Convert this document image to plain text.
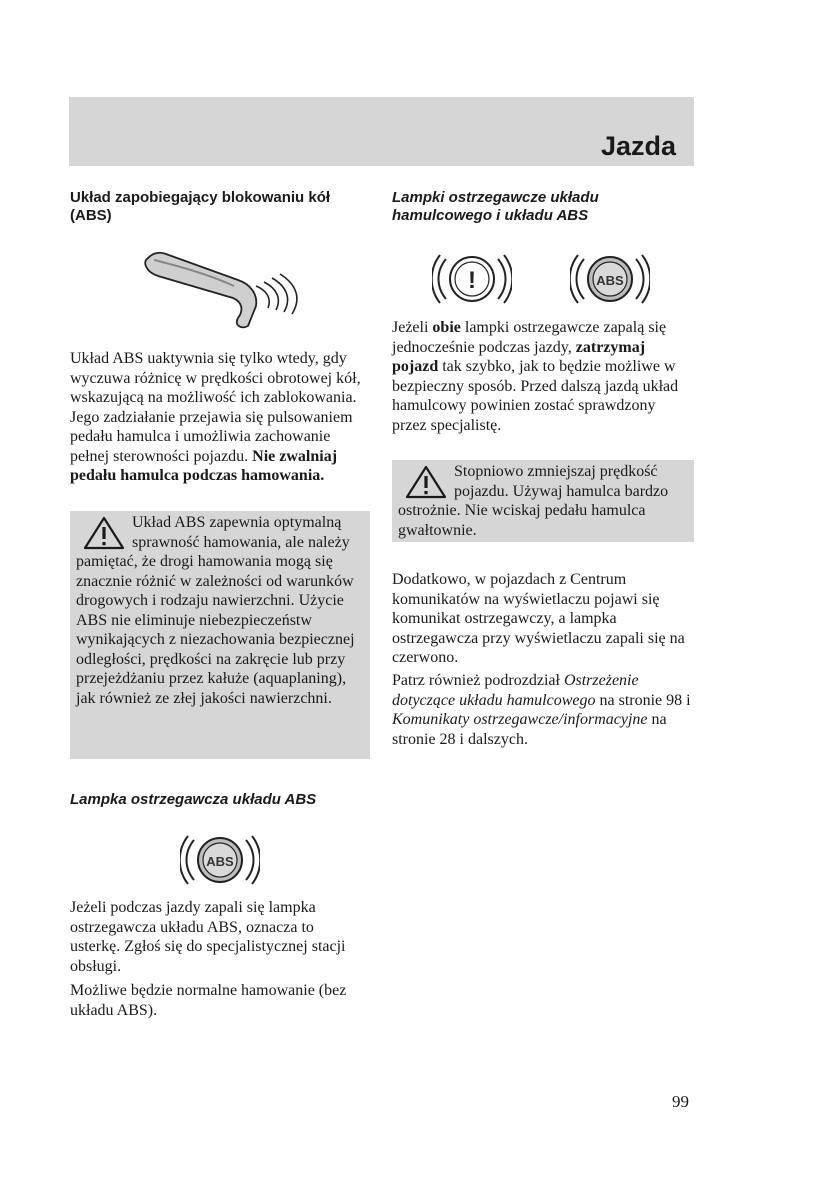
Jazda
Układ zapobiegający blokowaniu kół (ABS)

Układ ABS uaktywnia się tylko wtedy, gdy wyczuwa różnicę w prędkości obrotowej kół, wskazującą na możliwość ich zablokowania. Jego zadziałanie przejawia się pulsowaniem pedału hamulca i umożliwia zachowanie pełnej sterowności pojazdu. Nie zwalniaj pedału hamulca podczas hamowania.

Układ ABS zapewnia optymalną sprawność hamowania, ale należy pamiętać, że drogi hamowania mogą się znacznie różnić w zależności od warunków drogowych i rodzaju nawierzchni. Użycie ABS nie eliminuje niebezpieczeństw wynikających z niezachowania bezpiecznej odległości, prędkości na zakręcie lub przy przejeżdżaniu przez kałuże (aquaplaning), jak również ze złej jakości nawierzchni.
Lampka ostrzegawcza układu ABS
ABS

Jeżeli podczas jazdy zapali się lampka ostrzegawcza układu ABS, oznacza to usterkę. Zgłoś się do specjalistycznej stacji obsługi.

Możliwe będzie normalne hamowanie (bez układu ABS).

Lampki ostrzegawcze układu hamulcowego i układu ABS
!	ABS

Jeżeli obie lampki ostrzegawcze zapalą się jednocześnie podczas jazdy, zatrzymaj pojazd tak szybko, jak to będzie możliwe w bezpieczny sposób. Przed dalszą jazdą układ hamulcowy powinien zostać sprawdzony przez specjalistę.

Stopniowo zmniejszaj prędkość pojazdu. Używaj hamulca bardzo ostrożnie. Nie wciskaj pedału hamulca gwałtownie.

Dodatkowo, w pojazdach z Centrum komunikatów na wyświetlaczu pojawi się komunikat ostrzegawczy, a lampka ostrzegawcza przy wyświetlaczu zapali się na czerwono.

Patrz również podrozdział Ostrzeżenie dotyczące układu hamulcowego na stronie 98 i Komunikaty ostrzegawcze/informacyjne na stronie 28 i dalszych.

99
